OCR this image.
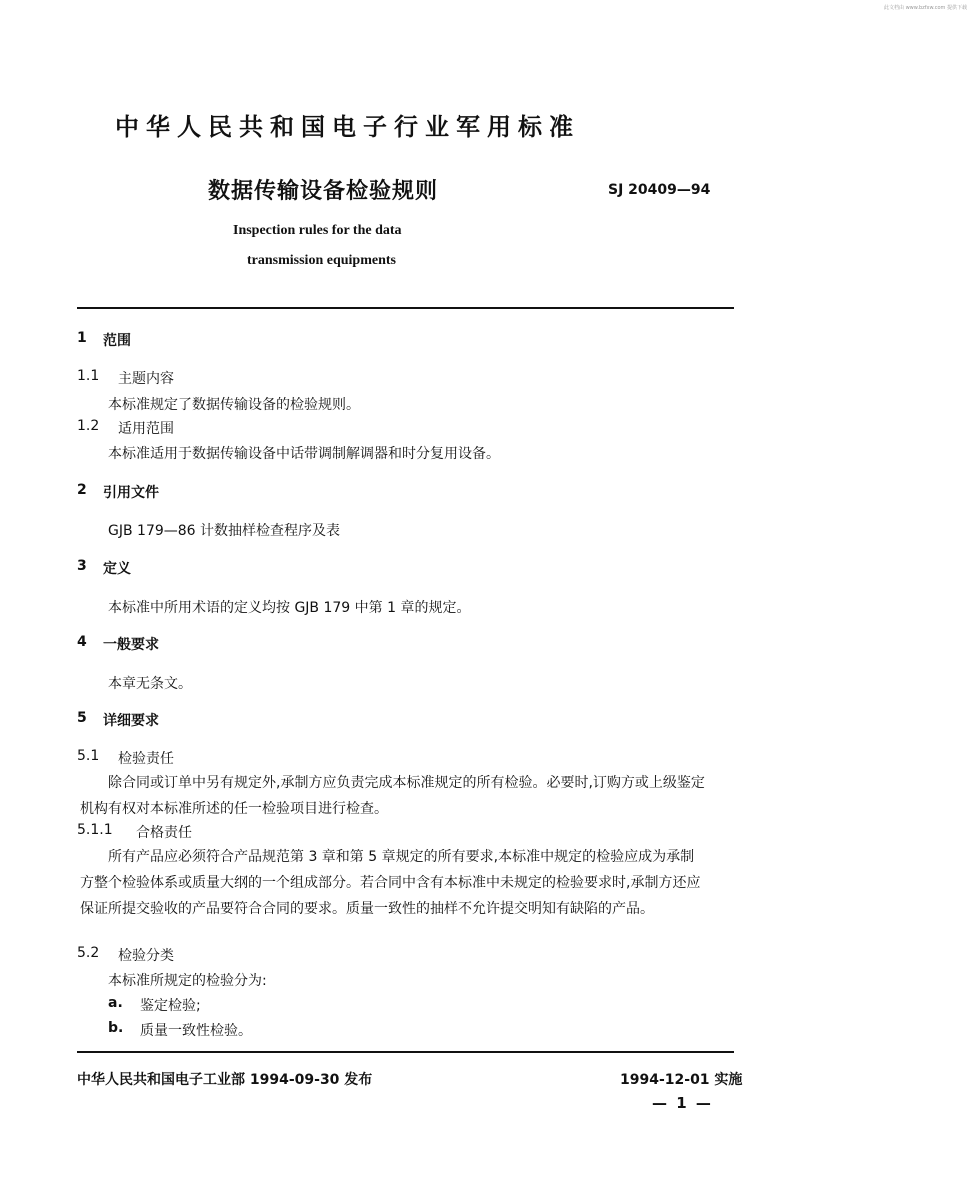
此文档由 www.bzfxw.com 提供下载
中华人民共和国电子行业军用标准
数据传输设备检验规则	SJ 20409—94
Inspection rules for the data
transmission equipments
1 范围
1.1 主题内容
本标准规定了数据传输设备的检验规则。
1.2 适用范围
本标准适用于数据传输设备中话带调制解调器和时分复用设备。
2 引用文件
GJB 179—86 计数抽样检查程序及表
3 定义
本标准中所用术语的定义均按 GJB 179 中第 1 章的规定。
4 一般要求
本章无条文。
5 详细要求
5.1 检验责任
除合同或订单中另有规定外,承制方应负责完成本标准规定的所有检验。必要时,订购方或上级鉴定机构有权对本标准所述的任一检验项目进行检查。
5.1.1 合格责任
所有产品应必须符合产品规范第 3 章和第 5 章规定的所有要求,本标准中规定的检验应成为承制方整个检验体系或质量大纲的一个组成部分。若合同中含有本标准中未规定的检验要求时,承制方还应保证所提交验收的产品要符合合同的要求。质量一致性的抽样不允许提交明知有缺陷的产品。
5.2 检验分类
本标准所规定的检验分为:
a. 鉴定检验;
b. 质量一致性检验。
中华人民共和国电子工业部 1994-09-30 发布	1994-12-01 实施
— 1 —
